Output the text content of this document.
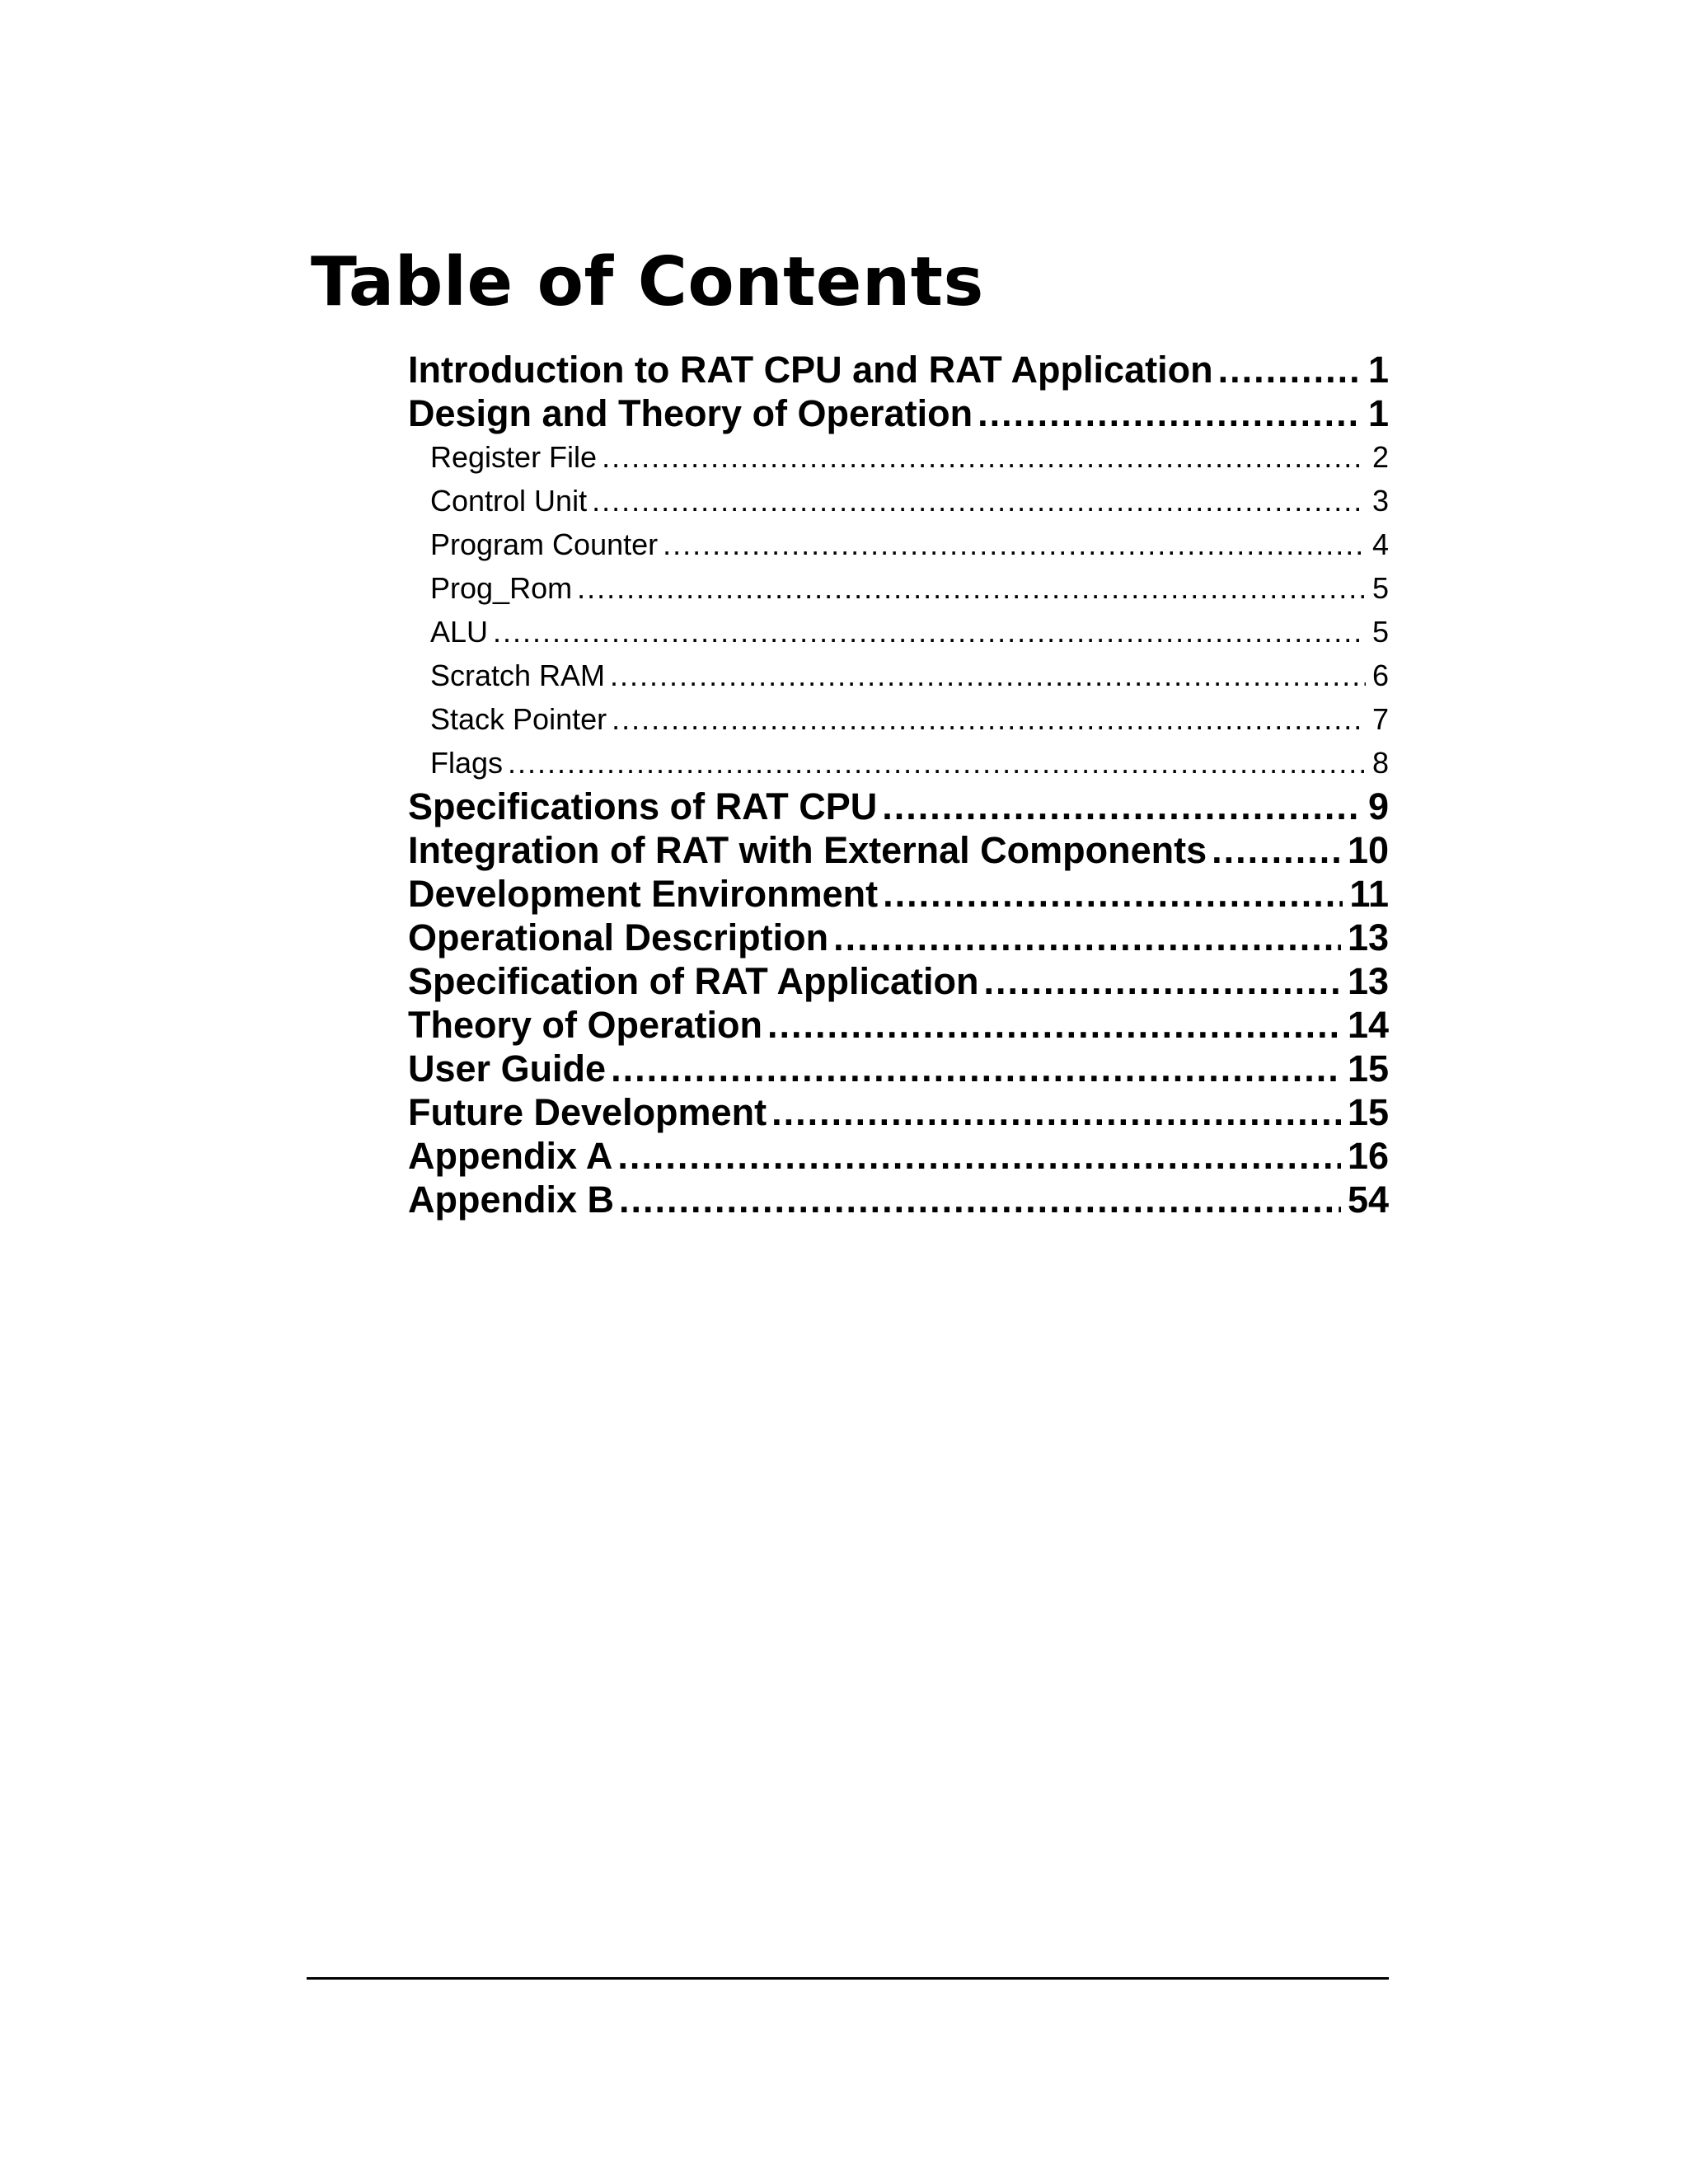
Table of Contents
Introduction to RAT CPU and RAT Application .....	1
Design and Theory of Operation .....	1
Register File .....	2
Control Unit .....	3
Program Counter .....	4
Prog_Rom .....	5
ALU .....	5
Scratch RAM .....	6
Stack Pointer .....	7
Flags .....	8
Specifications of RAT CPU .....	9
Integration of RAT with External Components .....	10
Development Environment .....	11
Operational Description .....	13
Specification of RAT Application .....	13
Theory of Operation .....	14
User Guide .....	15
Future Development .....	15
Appendix A .....	16
Appendix B .....	54
